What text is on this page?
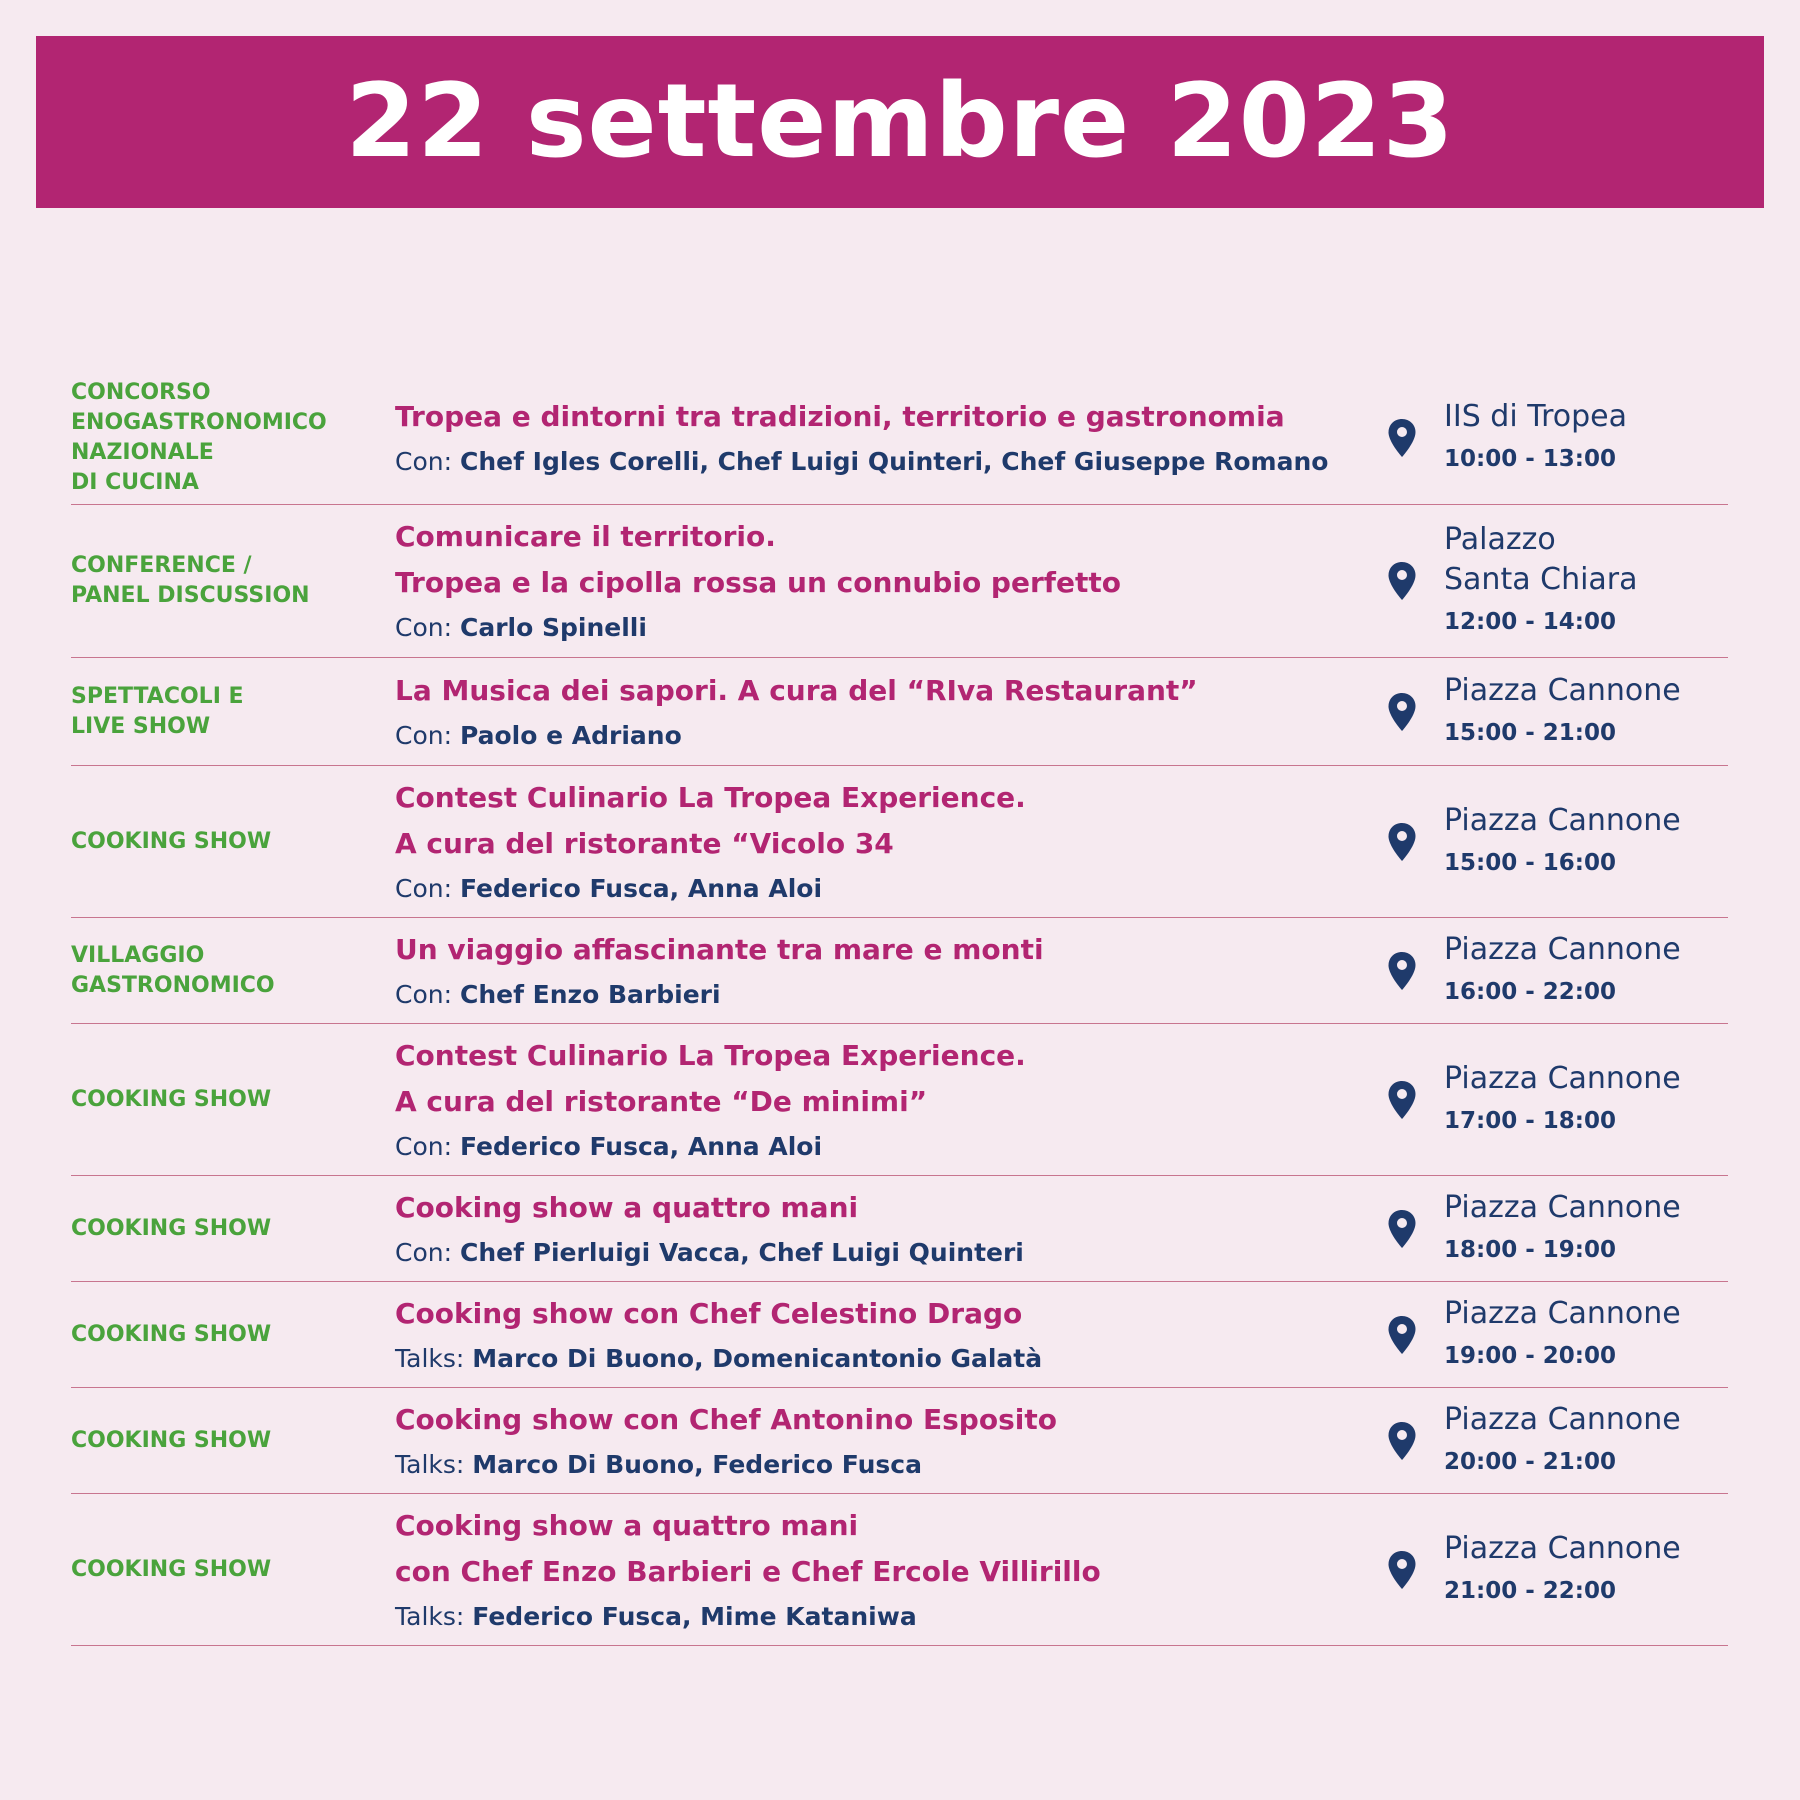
22 settembre 2023
CONCORSO
ENOGASTRONOMICO
NAZIONALE
DI CUCINA
Tropea e dintorni tra tradizioni, territorio e gastronomia
Con: Chef Igles Corelli, Chef Luigi Quinteri, Chef Giuseppe Romano
IIS di Tropea
10:00 - 13:00
CONFERENCE /
PANEL DISCUSSION
Comunicare il territorio.
Tropea e la cipolla rossa un connubio perfetto
Con: Carlo Spinelli
Palazzo
Santa Chiara
12:00 - 14:00
SPETTACOLI E
LIVE SHOW
La Musica dei sapori. A cura del “RIva Restaurant”
Con: Paolo e Adriano
Piazza Cannone
15:00 - 21:00
COOKING SHOW
Contest Culinario La Tropea Experience.
A cura del ristorante “Vicolo 34
Con: Federico Fusca, Anna Aloi
Piazza Cannone
15:00 - 16:00
VILLAGGIO
GASTRONOMICO
Un viaggio affascinante tra mare e monti
Con: Chef Enzo Barbieri
Piazza Cannone
16:00 - 22:00
COOKING SHOW
Contest Culinario La Tropea Experience.
A cura del ristorante “De minimi”
Con: Federico Fusca, Anna Aloi
Piazza Cannone
17:00 - 18:00
COOKING SHOW
Cooking show a quattro mani
Con: Chef Pierluigi Vacca, Chef Luigi Quinteri
Piazza Cannone
18:00 - 19:00
COOKING SHOW
Cooking show con Chef Celestino Drago
Talks: Marco Di Buono, Domenicantonio Galatà
Piazza Cannone
19:00 - 20:00
COOKING SHOW
Cooking show con Chef Antonino Esposito
Talks: Marco Di Buono, Federico Fusca
Piazza Cannone
20:00 - 21:00
COOKING SHOW
Cooking show a quattro mani
con Chef Enzo Barbieri e Chef Ercole Villirillo
Talks: Federico Fusca, Mime Kataniwa
Piazza Cannone
21:00 - 22:00
